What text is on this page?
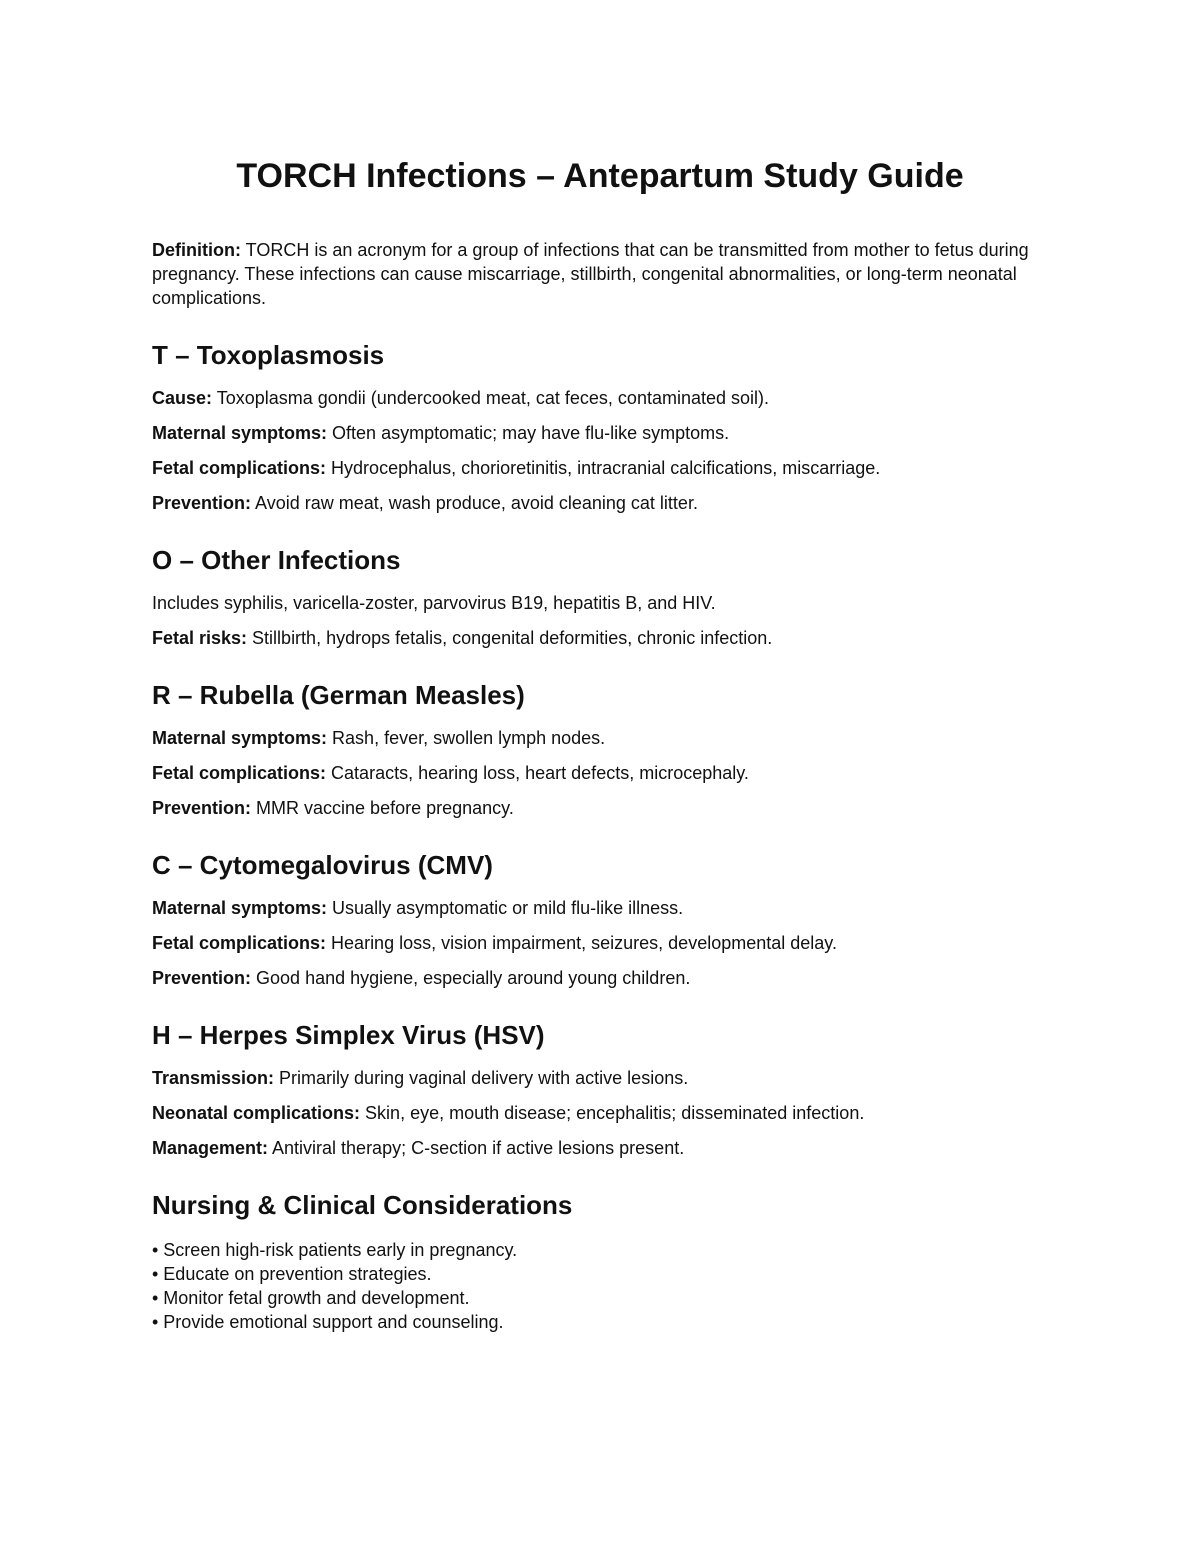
TORCH Infections – Antepartum Study Guide
Definition: TORCH is an acronym for a group of infections that can be transmitted from mother to fetus during pregnancy. These infections can cause miscarriage, stillbirth, congenital abnormalities, or long-term neonatal complications.
T – Toxoplasmosis
Cause: Toxoplasma gondii (undercooked meat, cat feces, contaminated soil).
Maternal symptoms: Often asymptomatic; may have flu-like symptoms.
Fetal complications: Hydrocephalus, chorioretinitis, intracranial calcifications, miscarriage.
Prevention: Avoid raw meat, wash produce, avoid cleaning cat litter.
O – Other Infections
Includes syphilis, varicella-zoster, parvovirus B19, hepatitis B, and HIV.
Fetal risks: Stillbirth, hydrops fetalis, congenital deformities, chronic infection.
R – Rubella (German Measles)
Maternal symptoms: Rash, fever, swollen lymph nodes.
Fetal complications: Cataracts, hearing loss, heart defects, microcephaly.
Prevention: MMR vaccine before pregnancy.
C – Cytomegalovirus (CMV)
Maternal symptoms: Usually asymptomatic or mild flu-like illness.
Fetal complications: Hearing loss, vision impairment, seizures, developmental delay.
Prevention: Good hand hygiene, especially around young children.
H – Herpes Simplex Virus (HSV)
Transmission: Primarily during vaginal delivery with active lesions.
Neonatal complications: Skin, eye, mouth disease; encephalitis; disseminated infection.
Management: Antiviral therapy; C-section if active lesions present.
Nursing & Clinical Considerations
• Screen high-risk patients early in pregnancy.
• Educate on prevention strategies.
• Monitor fetal growth and development.
• Provide emotional support and counseling.
